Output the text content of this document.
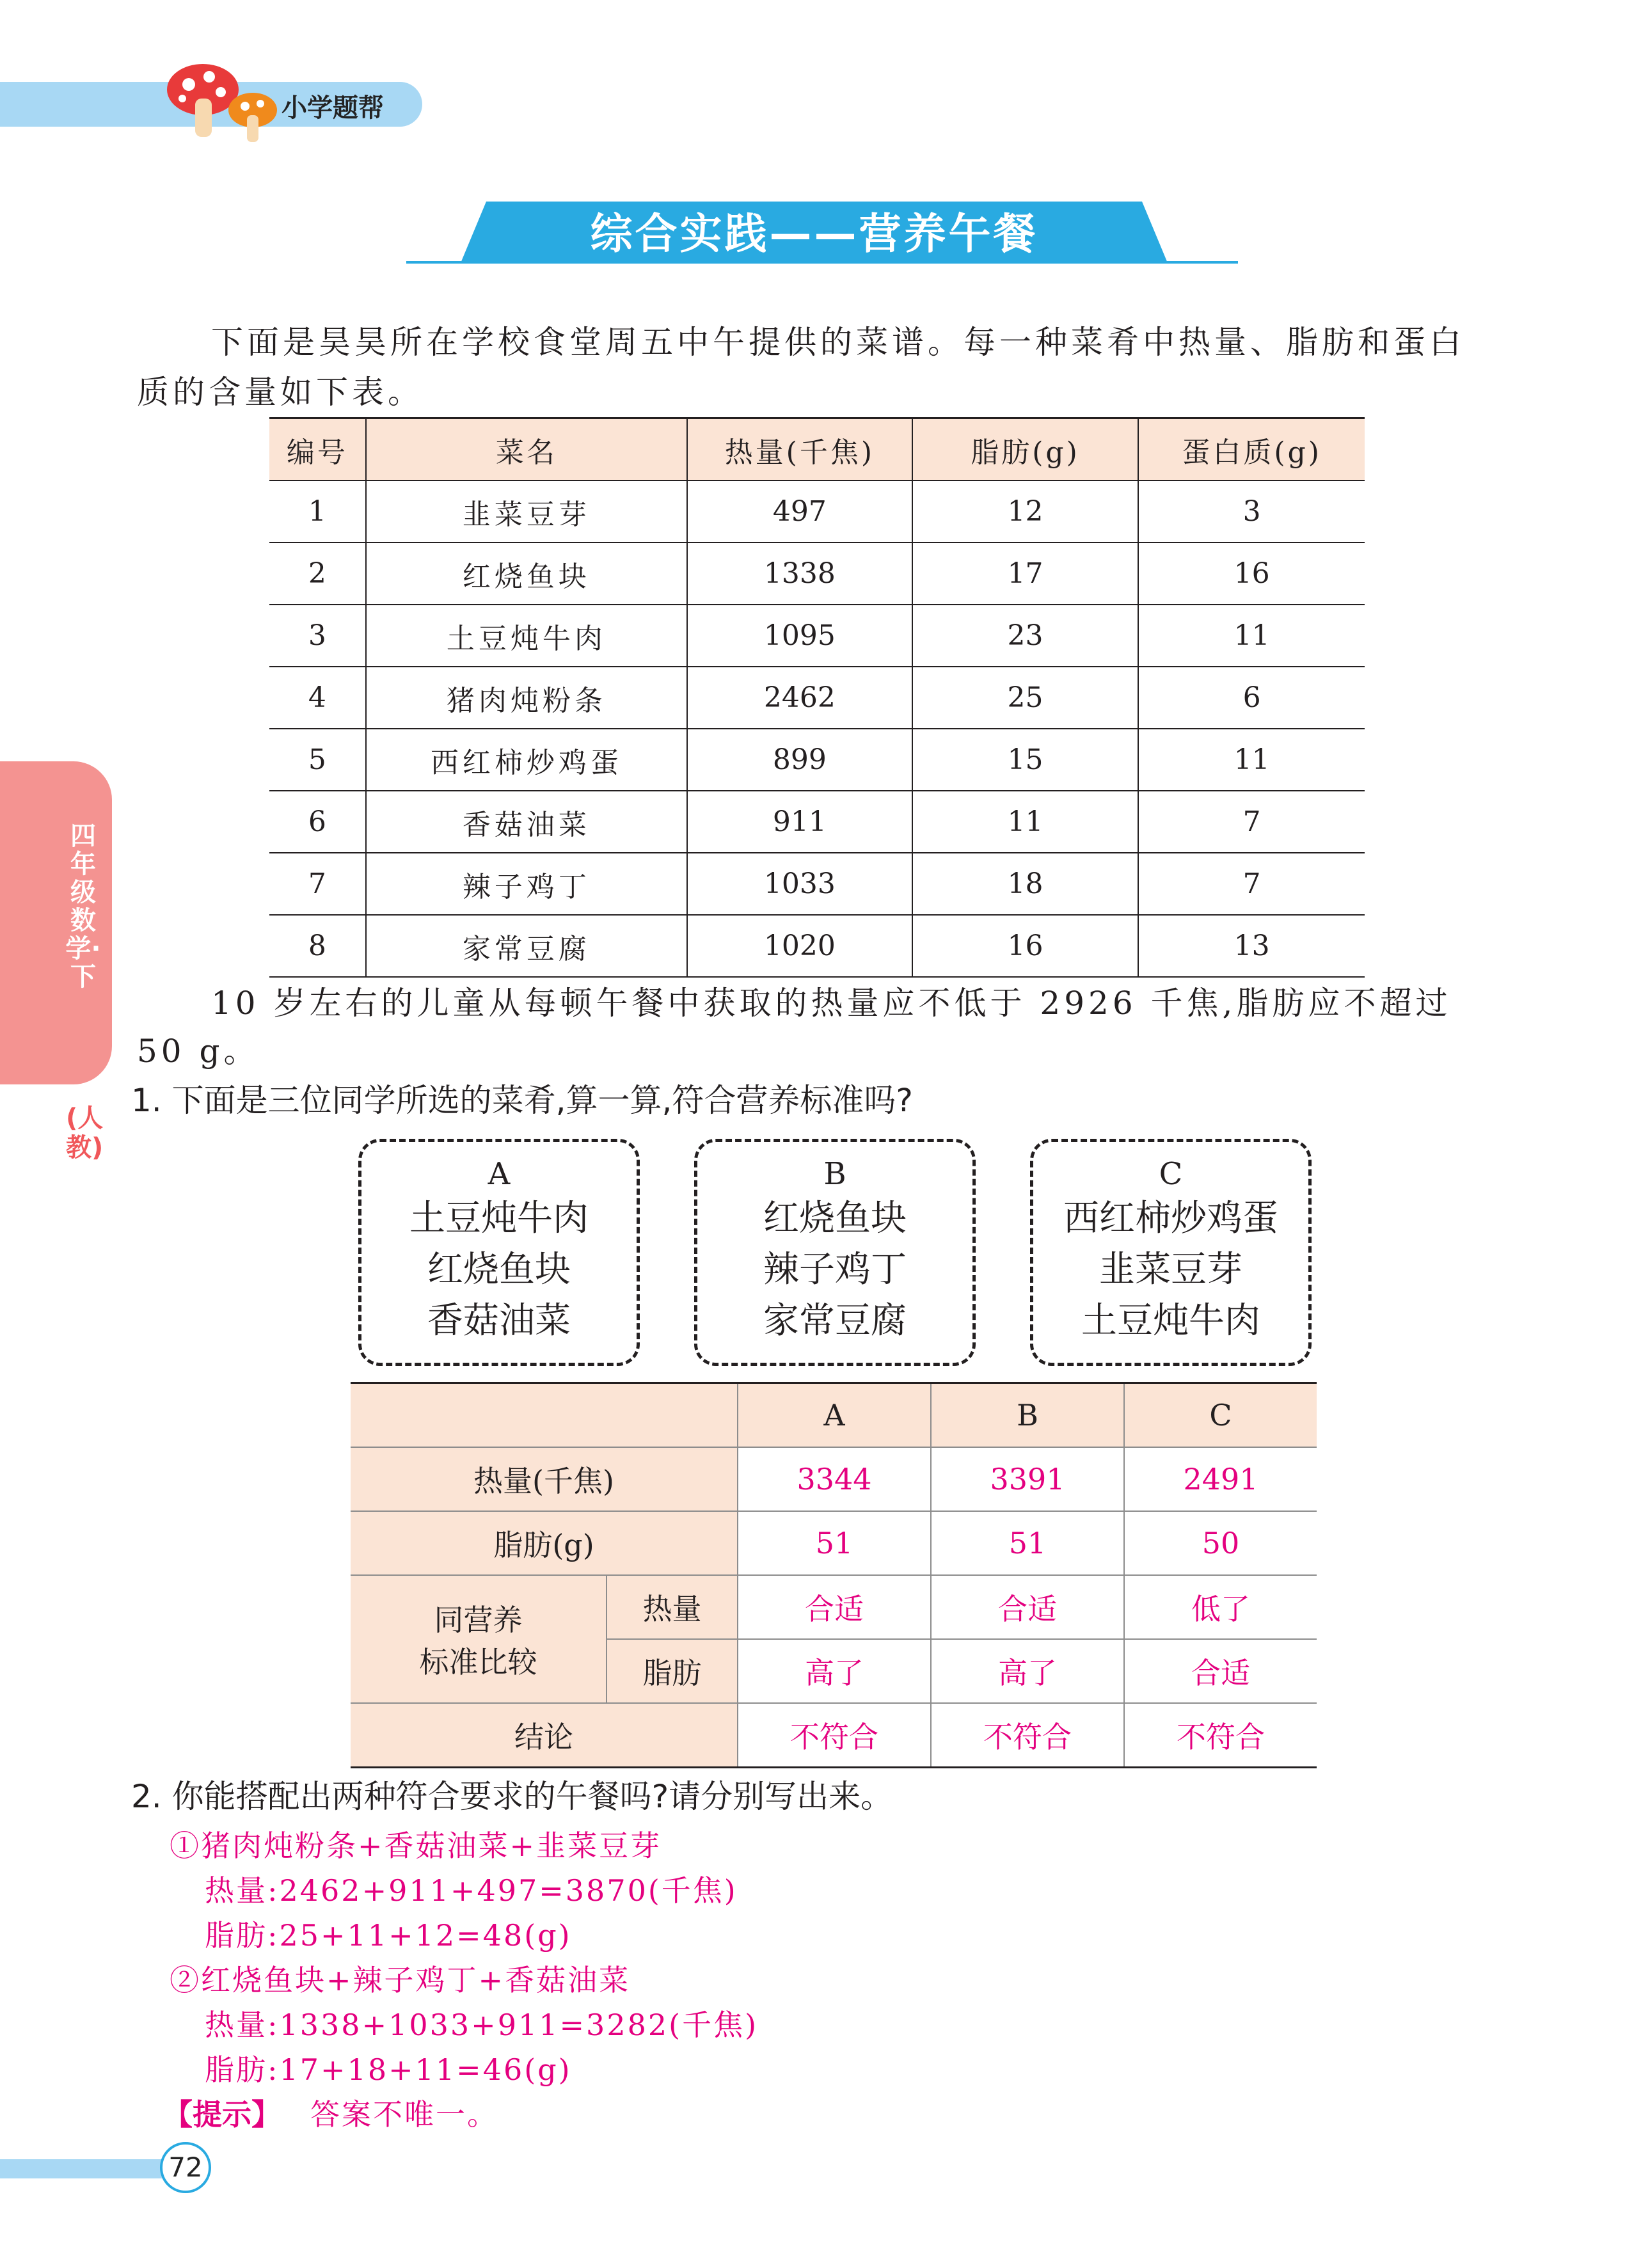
小学题帮
综合实践——营养午餐
四年级数学·下
(人教)
下面是昊昊所在学校食堂周五中午提供的菜谱。每一种菜肴中热量、脂肪和蛋白
质的含量如下表。
编号	菜名	热量(千焦)	脂肪(g)	蛋白质(g)
1	韭菜豆芽	497	12	3
2	红烧鱼块	1338	17	16
3	土豆炖牛肉	1095	23	11
4	猪肉炖粉条	2462	25	6
5	西红柿炒鸡蛋	899	15	11
6	香菇油菜	911	11	7
7	辣子鸡丁	1033	18	7
8	家常豆腐	1020	16	13
10 岁左右的儿童从每顿午餐中获取的热量应不低于 2926 千焦,脂肪应不超过
50 g。
1. 下面是三位同学所选的菜肴,算一算,符合营养标准吗?
A
土豆炖牛肉
红烧鱼块
香菇油菜
B
红烧鱼块
辣子鸡丁
家常豆腐
C
西红柿炒鸡蛋
韭菜豆芽
土豆炖牛肉
		A	B	C
热量(千焦)		3344	3391	2491
脂肪(g)		51	51	50

同营养
标准比较	热量	合适	合适	低了
	脂肪	高了	高了	合适
结论		不符合	不符合	不符合
2. 你能搭配出两种符合要求的午餐吗?请分别写出来。
①猪肉炖粉条+香菇油菜+韭菜豆芽
热量:2462+911+497=3870(千焦)
脂肪:25+11+12=48(g)
②红烧鱼块+辣子鸡丁+香菇油菜
热量:1338+1033+911=3282(千焦)
脂肪:17+18+11=46(g)
【提示】 答案不唯一。
72
